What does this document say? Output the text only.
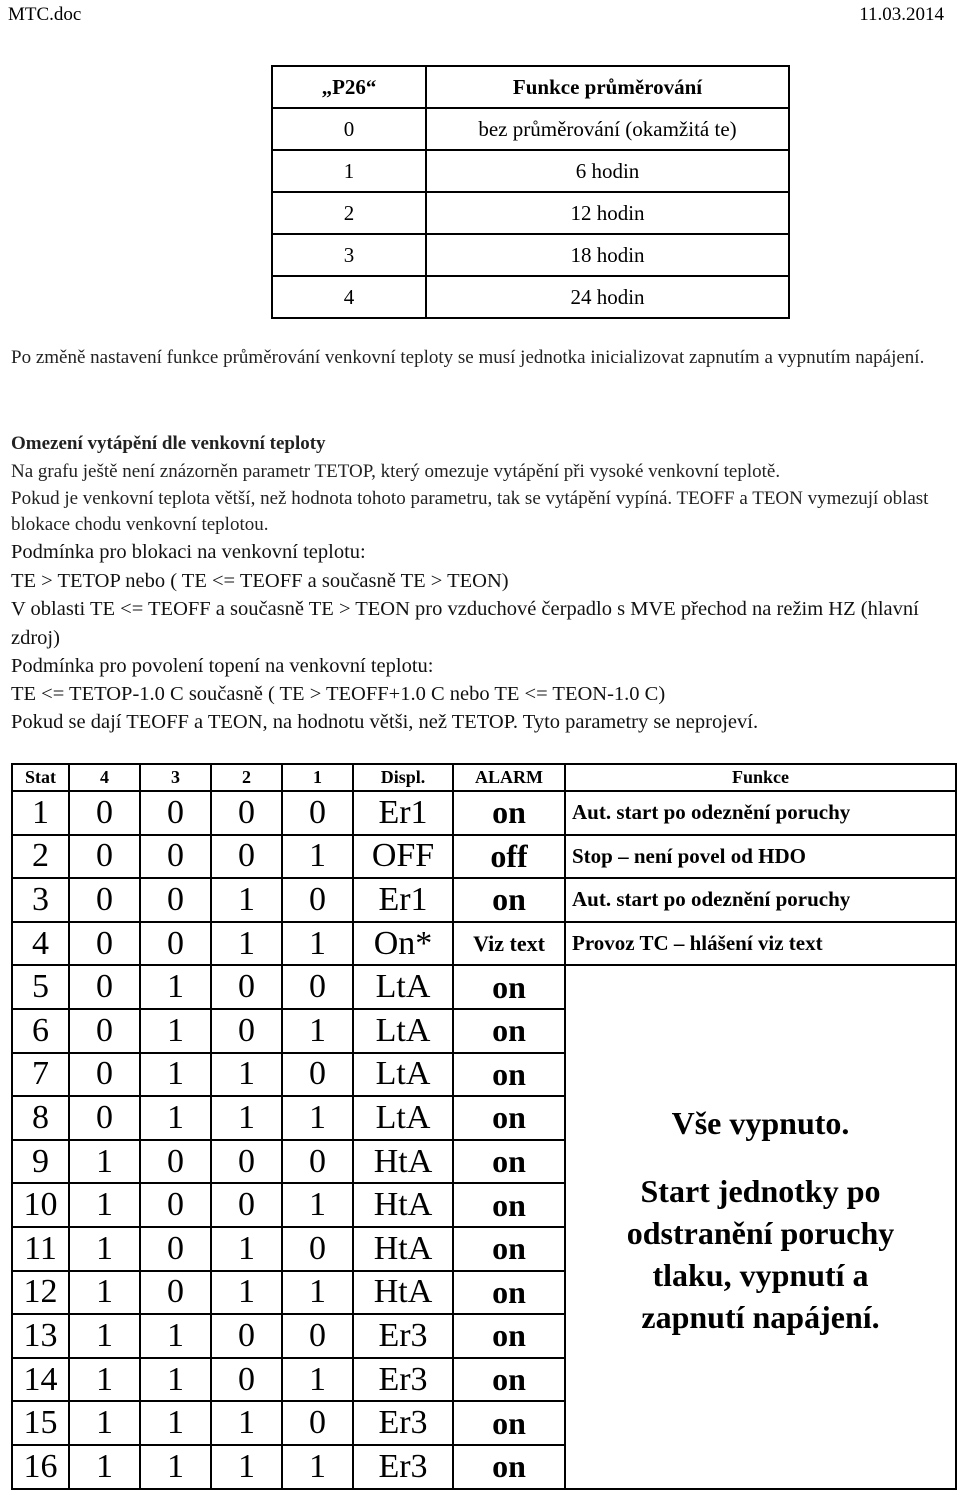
MTC.doc	11.03.2014
„P26“	Funkce průměrování
0	bez průměrování (okamžitá te)
1	6 hodin
2	12 hodin
3	18 hodin
4	24 hodin
Po změně nastavení funkce průměrování venkovní teploty se musí jednotka inicializovat zapnutím a vypnutím napájení.
Omezení vytápění dle venkovní teploty
Na grafu ještě není znázorněn parametr TETOP, který omezuje vytápění při vysoké venkovní teplotě.
Pokud je venkovní teplota větší, než hodnota tohoto parametru, tak se vytápění vypíná. TEOFF a TEON vymezují oblast blokace chodu venkovní teplotou.
Podmínka pro blokaci na venkovní teplotu:
TE > TETOP nebo ( TE <= TEOFF a současně TE > TEON)
V oblasti TE <= TEOFF a současně TE > TEON pro vzduchové čerpadlo s MVE přechod na režim HZ (hlavní zdroj)
Podmínka pro povolení topení na venkovní teplotu:
TE <= TETOP-1.0 C současně ( TE > TEOFF+1.0 C nebo TE <= TEON-1.0 C)
Pokud se dají TEOFF a TEON, na hodnotu větši, než TETOP. Tyto parametry se neprojeví.
Stat	4	3	2	1	Displ.	ALARM	Funkce
1	0	0	0	0	Er1	on	Aut. start po odeznění poruchy
2	0	0	0	1	OFF	off	Stop – není povel od HDO
3	0	0	1	0	Er1	on	Aut. start po odeznění poruchy
4	0	0	1	1	On*	Viz text	Provoz TC – hlášení viz text
5	0	1	0	0	LtA	on	Vše vypnuto.
Start jednotky po
odstranění poruchy
tlaku, vypnutí a
zapnutí napájení.

6	0	1	0	1	LtA	on	
7	0	1	1	0	LtA	on	
8	0	1	1	1	LtA	on	
9	1	0	0	0	HtA	on	
10	1	0	0	1	HtA	on	
11	1	0	1	0	HtA	on	
12	1	0	1	1	HtA	on	
13	1	1	0	0	Er3	on	
14	1	1	0	1	Er3	on	
15	1	1	1	0	Er3	on	
16	1	1	1	1	Er3	on	
